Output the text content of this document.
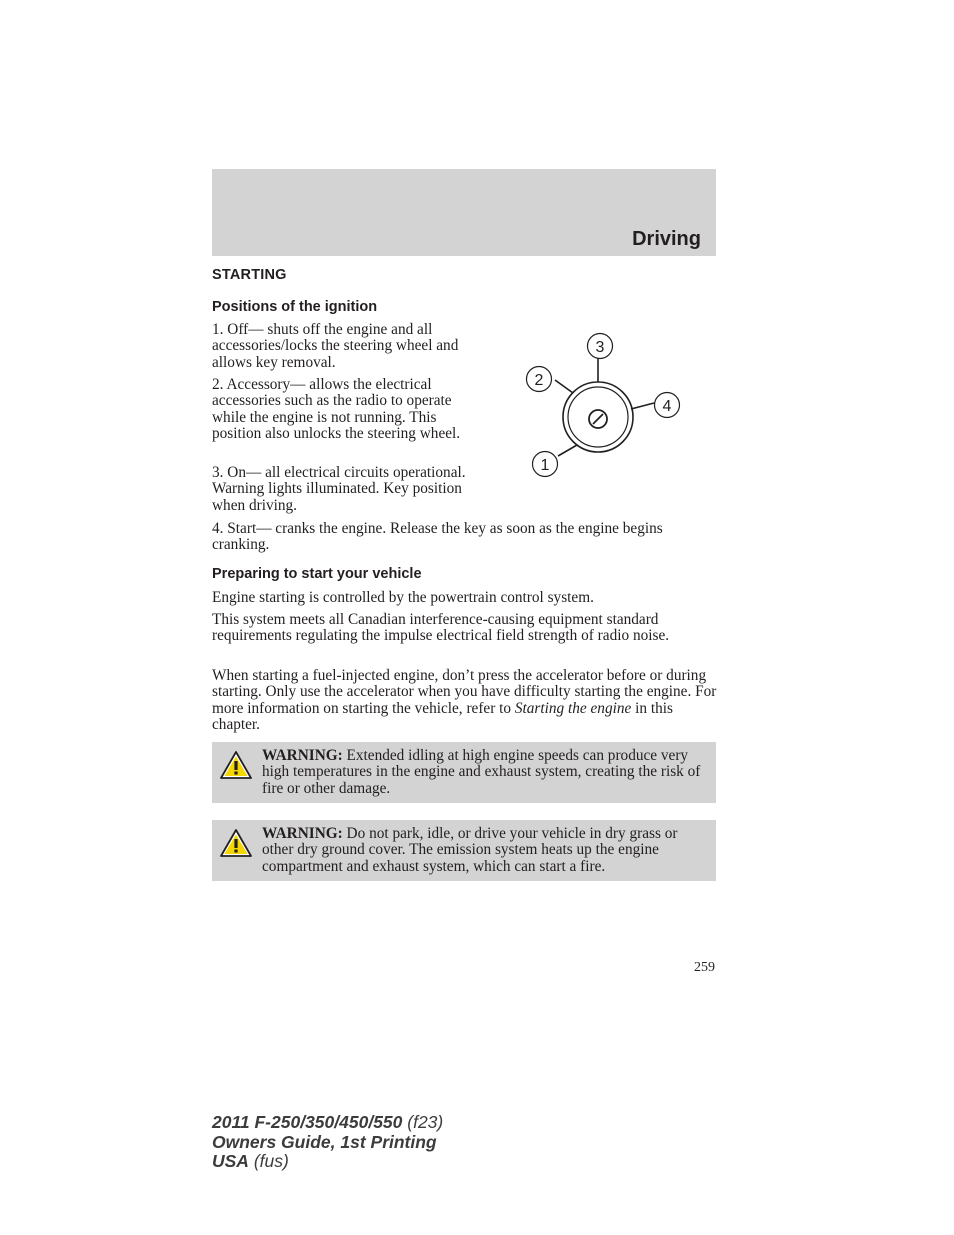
Driving
STARTING
Positions of the ignition

1. Off— shuts off the engine and all accessories/locks the steering wheel and allows key removal.

2. Accessory— allows the electrical accessories such as the radio to operate while the engine is not running. This position also unlocks the steering wheel.

3. On— all electrical circuits operational. Warning lights illuminated. Key position when driving.

4. Start— cranks the engine. Release the key as soon as the engine begins cranking.

3
2
4
1
Preparing to start your vehicle

Engine starting is controlled by the powertrain control system.

This system meets all Canadian interference-causing equipment standard requirements regulating the impulse electrical field strength of radio noise.

When starting a fuel-injected engine, don’t press the accelerator before or during starting. Only use the accelerator when you have difficulty starting the engine. For more information on starting the vehicle, refer to Starting the engine in this chapter.

WARNING: Extended idling at high engine speeds can produce very high temperatures in the engine and exhaust system, creating the risk of fire or other damage.

WARNING: Do not park, idle, or drive your vehicle in dry grass or other dry ground cover. The emission system heats up the engine compartment and exhaust system, which can start a fire.

259
2011 F-250/350/450/550 (f23)
Owners Guide, 1st Printing
USA (fus)
